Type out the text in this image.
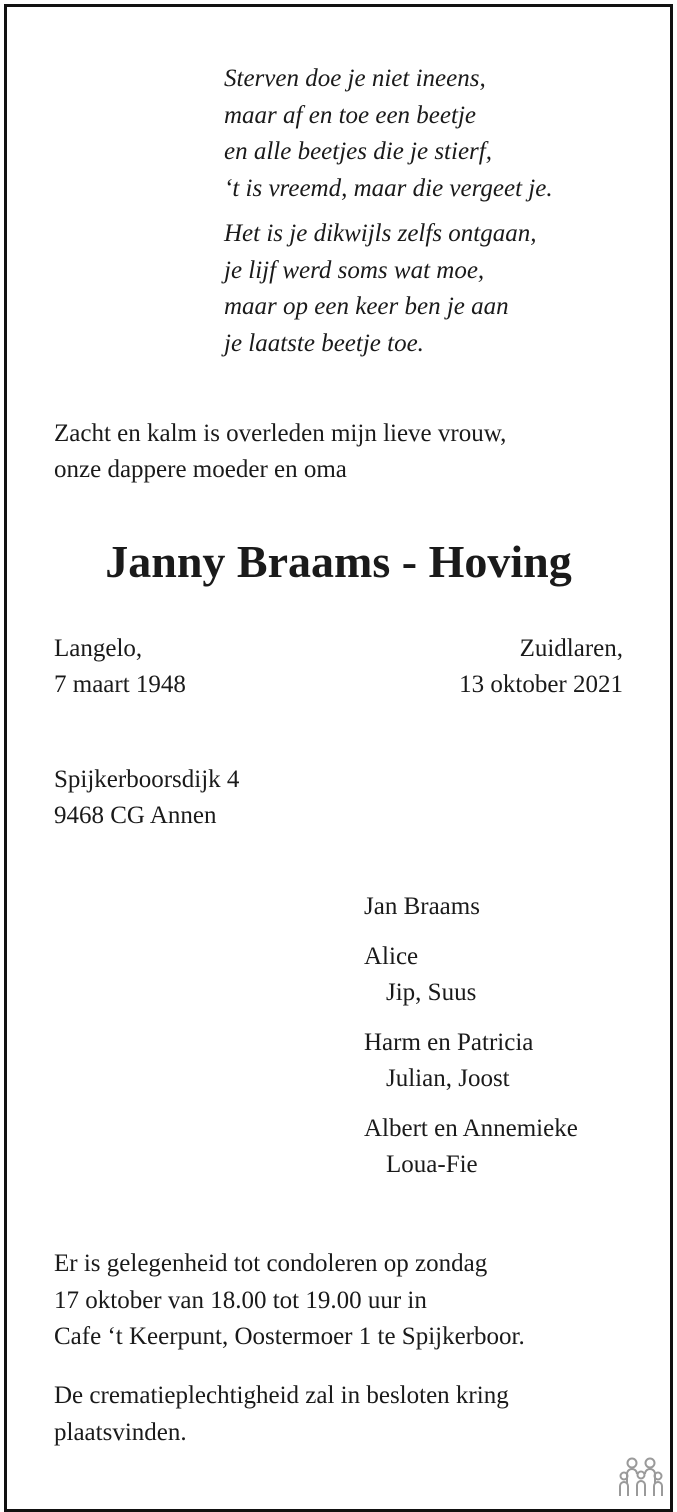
Sterven doe je niet ineens,
maar af en toe een beetje
en alle beetjes die je stierf,
‘t is vreemd, maar die vergeet je.

Het is je dikwijls zelfs ontgaan,
je lijf werd soms wat moe,
maar op een keer ben je aan
je laatste beetje toe.

Zacht en kalm is overleden mijn lieve vrouw,
onze dappere moeder en oma
Janny Braams - Hoving
Langelo,
7 maart 1948
Zuidlaren,
13 oktober 2021
Spijkerboorsdijk 4
9468 CG Annen

Jan Braams

Alice
Jip, Suus

Harm en Patricia
Julian, Joost

Albert en Annemieke
Loua-Fie

Er is gelegenheid tot condoleren op zondag
17 oktober van 18.00 tot 19.00 uur in
Cafe ‘t Keerpunt, Oostermoer 1 te Spijkerboor.
De crematieplechtigheid zal in besloten kring
plaatsvinden.
